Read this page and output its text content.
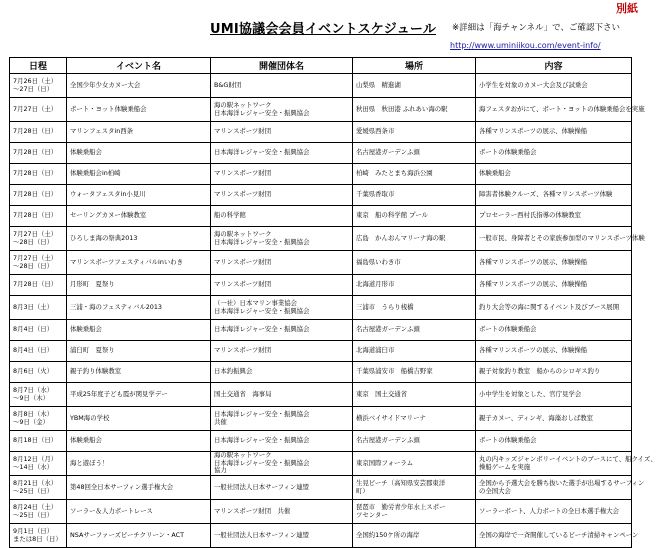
別紙
UMI協議会会員イベントスケジュール ※詳細は「海チャンネル」で、ご確認下さい
http://www.uminiikou.com/event-info/
日程	イベント名	開催団体名	場所	内容

7月26日（土）
～27日（日）	全国少年少女カヌー大会	B&G財団	山梨県　精進湖	小学生を対象のカヌー大会及び試乗会

7月27日（土）	ボート・ヨット体験乗船会	海の駅ネットワーク
日本海洋レジャー安全・振興協会	秋田県　秋田港 ふれあい海の駅	海フェスタおがにて、ボート・ヨットの体験乗船会を実施

7月28日（日）	マリンフェスタin西条	マリンスポーツ財団	愛媛県西条市	各種マリンスポーツの展示、体験操船

7月28日（日）	体験乗船会	日本海洋レジャー安全・振興協会	名古屋港ガーデンふ頭	ボートの体験乗船会

7月28日（日）	体験乗船会in柏崎	マリンスポーツ財団	柏崎　みたとまち海浜公園	体験乗船会

7月28日（日）	ウォータフェスタin小見川	マリンスポーツ財団	千葉県香取市	障害者体験クルーズ、各種マリンスポーツ体験

7月28日（日）	セーリングカヌー体験教室	船の科学館	東京　船の科学館 プール	プロセーラー西村氏指導の体験教室

7月27日（土）
～28日（日）	ひろしま海の祭典2013	海の駅ネットワーク
日本海洋レジャー安全・振興協会	広島　かんおんマリーナ海の駅	一般市民、身障者とその家族参加型のマリンスポーツ体験

7月27日（土）
～28日（日）	マリンスポーツフェスティバルinいわき	マリンスポーツ財団	福島県いわき市	各種マリンスポーツの展示、体験操船

7月28日（日）	月形町　夏祭り	マリンスポーツ財団	北海道月形市	各種マリンスポーツの展示、体験操船

8月3日（土）	三浦・海のフェスティバル2013	（一社）日本マリン事業協会
日本海洋レジャー安全・振興協会	三浦市　うらり桟橋	釣り大会等の海に関するイベント及びブース展開

8月4日（日）	体験乗船会	日本海洋レジャー安全・振興協会	名古屋港ガーデンふ頭	ボートの体験乗船会

8月4日（日）	浦臼町　夏祭り	マリンスポーツ財団	北海道浦臼市	各種マリンスポーツの展示、体験操船

8月6日（火）	親子釣り体験教室	日本釣振興会	千葉県浦安市　船橋吉野家	親子対象釣り教室　船からのシロギス釣り

8月7日（水）
～9日（木）	平成25年度子ども霞が関見学デー	国土交通省　海事局	東京　国土交通省	小中学生を対象とした、官庁見学会

8月8日（木）
～9日（金）	YBM海の学校	日本海洋レジャー安全・振興協会
共催	横浜ベイサイドマリーナ	親子カヌー、ディンギ、海藻おしば教室

8月18日（日）	体験乗船会	日本海洋レジャー安全・振興協会	名古屋港ガーデンふ頭	ボートの体験乗船会

8月12日（月）
～14日（水）	海と遊ぼう！	海の駅ネットワーク
日本海洋レジャー安全・振興協会
協力	東京国際フォーラム	丸の内キッズジャンボリーイベントのブースにて、船クイズ、
操船ゲームを実施

8月21日（水）
～25日（日）	第48回全日本サーフィン選手権大会	一般社団法人日本サーフィン連盟	生見ビーチ（高知県安芸郡東洋
町）	全国から予選大会を勝ち抜いた選手が出場するサーフィン
の全国大会

8月24日（土）
～25日（日）	ソーラー＆人力ボートレース	マリンスポーツ財団　共催	琵琶市　勤労青少年水上スポー
ツセンター	ソーラーボート、人力ボートの全日本選手権大会

9月1日（日）
または8日（日）	NSAサーファーズビーチクリーン・ACT	一般社団法人日本サーフィン連盟	全国約150ケ所の海岸	全国の海岸で一斉開催しているビーチ清掃キャンペーン
